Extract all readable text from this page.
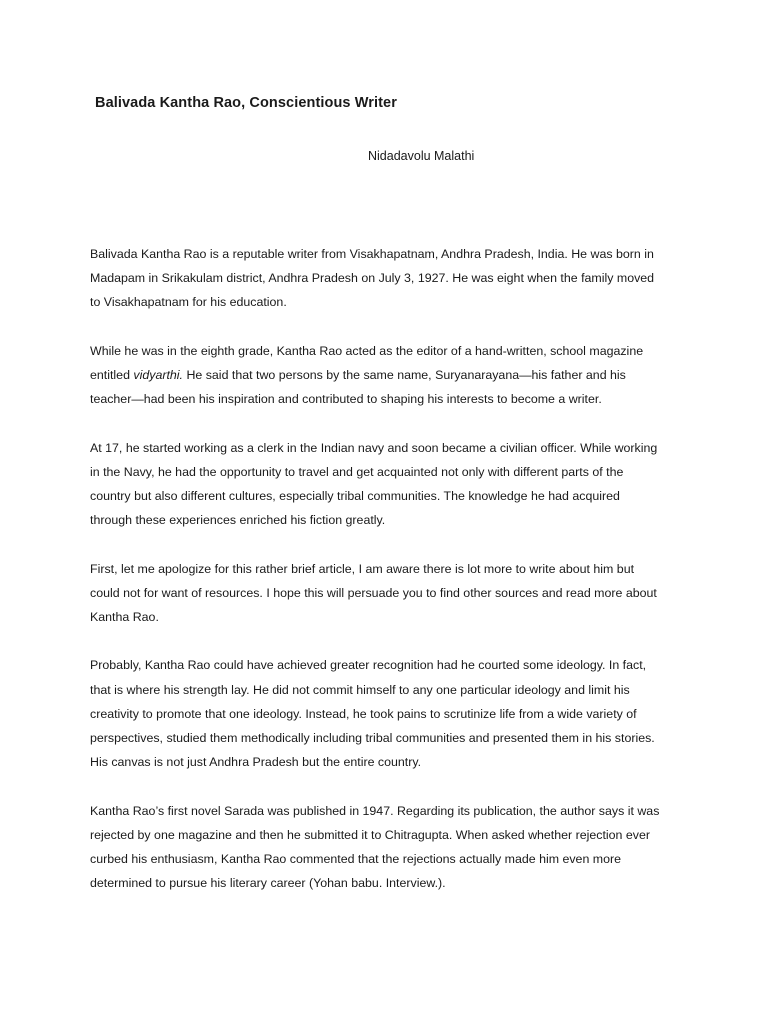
Balivada Kantha Rao, Conscientious Writer

Nidadavolu Malathi

Balivada Kantha Rao is a reputable writer from Visakhapatnam, Andhra Pradesh, India. He was born in Madapam in Srikakulam district, Andhra Pradesh on July 3, 1927. He was eight when the family moved to Visakhapatnam for his education.

While he was in the eighth grade, Kantha Rao acted as the editor of a hand-written, school magazine entitled vidyarthi. He said that two persons by the same name, Suryanarayana—his father and his teacher—had been his inspiration and contributed to shaping his interests to become a writer.

At 17, he started working as a clerk in the Indian navy and soon became a civilian officer. While working in the Navy, he had the opportunity to travel and get acquainted not only with different parts of the country but also different cultures, especially tribal communities. The knowledge he had acquired through these experiences enriched his fiction greatly.

First, let me apologize for this rather brief article, I am aware there is lot more to write about him but could not for want of resources. I hope this will persuade you to find other sources and read more about Kantha Rao.

Probably, Kantha Rao could have achieved greater recognition had he courted some ideology. In fact, that is where his strength lay. He did not commit himself to any one particular ideology and limit his creativity to promote that one ideology. Instead, he took pains to scrutinize life from a wide variety of perspectives, studied them methodically including tribal communities and presented them in his stories. His canvas is not just Andhra Pradesh but the entire country.

Kantha Rao’s first novel Sarada was published in 1947. Regarding its publication, the author says it was rejected by one magazine and then he submitted it to Chitragupta. When asked whether rejection ever curbed his enthusiasm, Kantha Rao commented that the rejections actually made him even more determined to pursue his literary career (Yohan babu. Interview.).
